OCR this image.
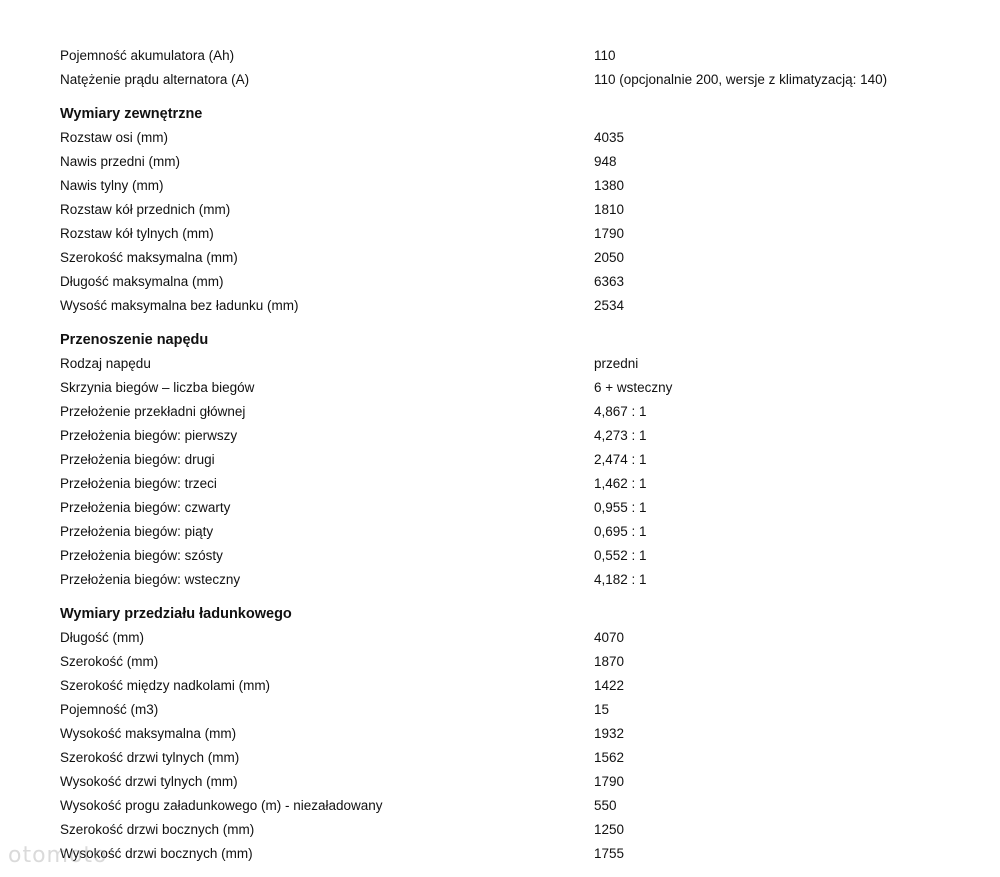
Pojemność akumulatora (Ah)	110
Natężenie prądu alternatora (A)	110 (opcjonalnie 200, wersje z klimatyzacją: 140)
Wymiary zewnętrzne
Rozstaw osi (mm)	4035
Nawis przedni (mm)	948
Nawis tylny (mm)	1380
Rozstaw kół przednich (mm)	1810
Rozstaw kół tylnych (mm)	1790
Szerokość maksymalna (mm)	2050
Długość maksymalna (mm)	6363
Wysość maksymalna bez ładunku (mm)	2534
Przenoszenie napędu
Rodzaj napędu	przedni
Skrzynia biegów – liczba biegów	6 + wsteczny
Przełożenie przekładni głównej	4,867 : 1
Przełożenia biegów: pierwszy	4,273 : 1
Przełożenia biegów: drugi	2,474 : 1
Przełożenia biegów: trzeci	1,462 : 1
Przełożenia biegów: czwarty	0,955 : 1
Przełożenia biegów: piąty	0,695 : 1
Przełożenia biegów: szósty	0,552 : 1
Przełożenia biegów: wsteczny	4,182 : 1
Wymiary przedziału ładunkowego
Długość (mm)	4070
Szerokość (mm)	1870
Szerokość między nadkolami (mm)	1422
Pojemność (m3)	15
Wysokość maksymalna (mm)	1932
Szerokość drzwi tylnych (mm)	1562
Wysokość drzwi tylnych (mm)	1790
Wysokość progu załadunkowego (m) - niezaładowany	550
Szerokość drzwi bocznych (mm)	1250
Wysokość drzwi bocznych (mm)	1755
otomoto
